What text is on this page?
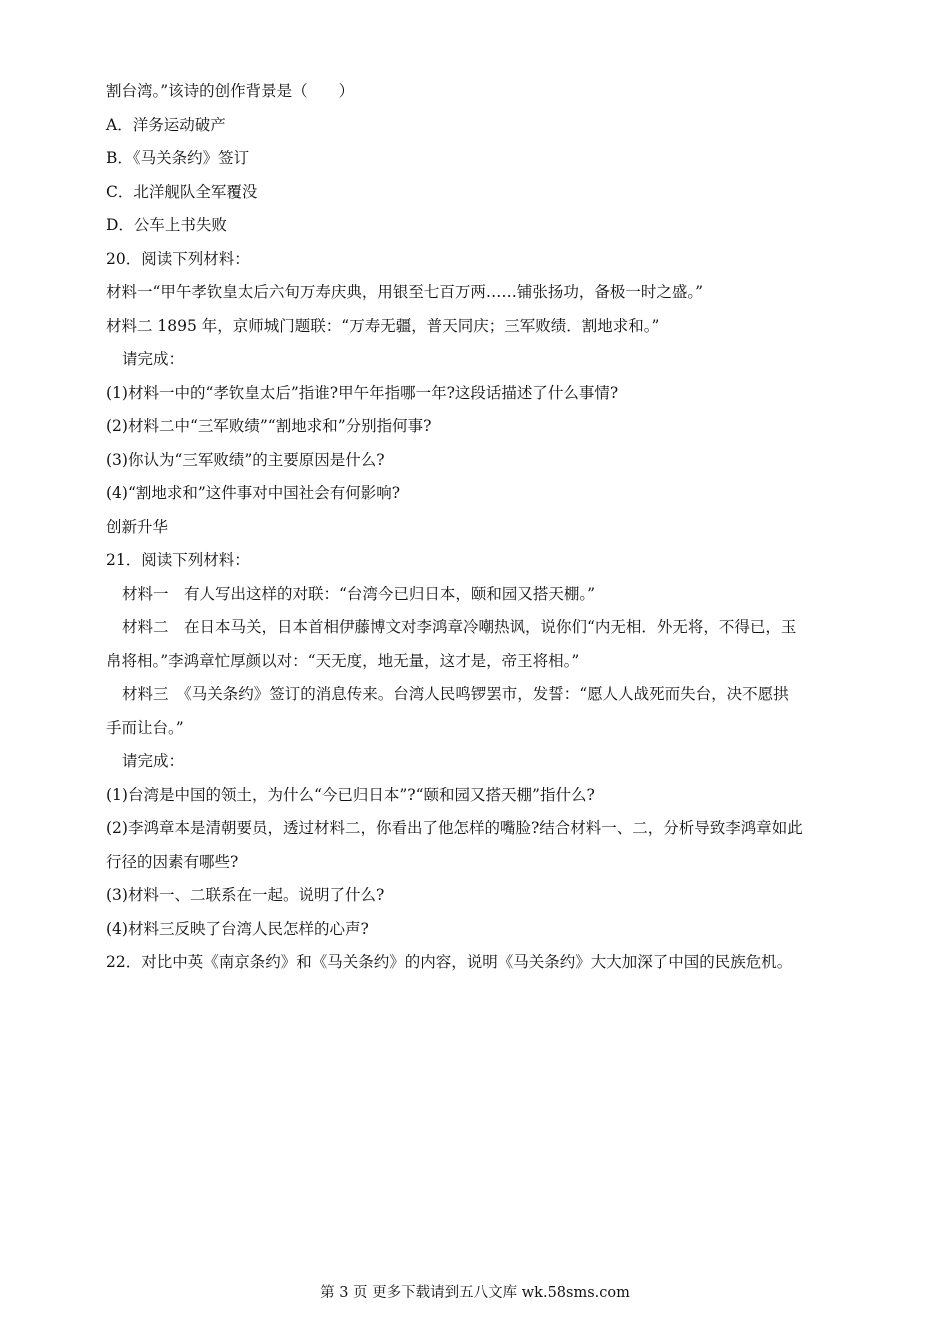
割台湾。”该诗的创作背景是（　　）
A．洋务运动破产
B．《马关条约》签订
C．北洋舰队全军覆没
D．公车上书失败
20．阅读下列材料：
材料一“甲午孝钦皇太后六旬万寿庆典，用银至七百万两……铺张扬功，备极一时之盛。”
材料二 1895 年，京师城门题联：“万寿无疆，普天同庆；三军败绩．割地求和。”
请完成：
(1)材料一中的“孝钦皇太后”指谁?甲午年指哪一年?这段话描述了什么事情?
(2)材料二中“三军败绩”“割地求和”分别指何事?
(3)你认为“三军败绩”的主要原因是什么?
(4)“割地求和”这件事对中国社会有何影响?
创新升华
21．阅读下列材料：
材料一　有人写出这样的对联：“台湾今已归日本，颐和园又搭天棚。”
材料二　在日本马关，日本首相伊藤博文对李鸿章冷嘲热讽，说你们“内无相．外无将，不得已，玉
帛将相。”李鸿章忙厚颜以对：“天无度，地无量，这才是，帝王将相。”
材料三　《马关条约》签订的消息传来。台湾人民鸣锣罢市，发誓：“愿人人战死而失台，决不愿拱
手而让台。”
请完成：
(1)台湾是中国的领土，为什么“今已归日本”?“颐和园又搭天棚”指什么?
(2)李鸿章本是清朝要员，透过材料二，你看出了他怎样的嘴脸?结合材料一、二，分析导致李鸿章如此
行径的因素有哪些?
(3)材料一、二联系在一起。说明了什么?
(4)材料三反映了台湾人民怎样的心声?
22．对比中英《南京条约》和《马关条约》的内容，说明《马关条约》大大加深了中国的民族危机。
第 3 页 更多下载请到五八文库 wk.58sms.com
